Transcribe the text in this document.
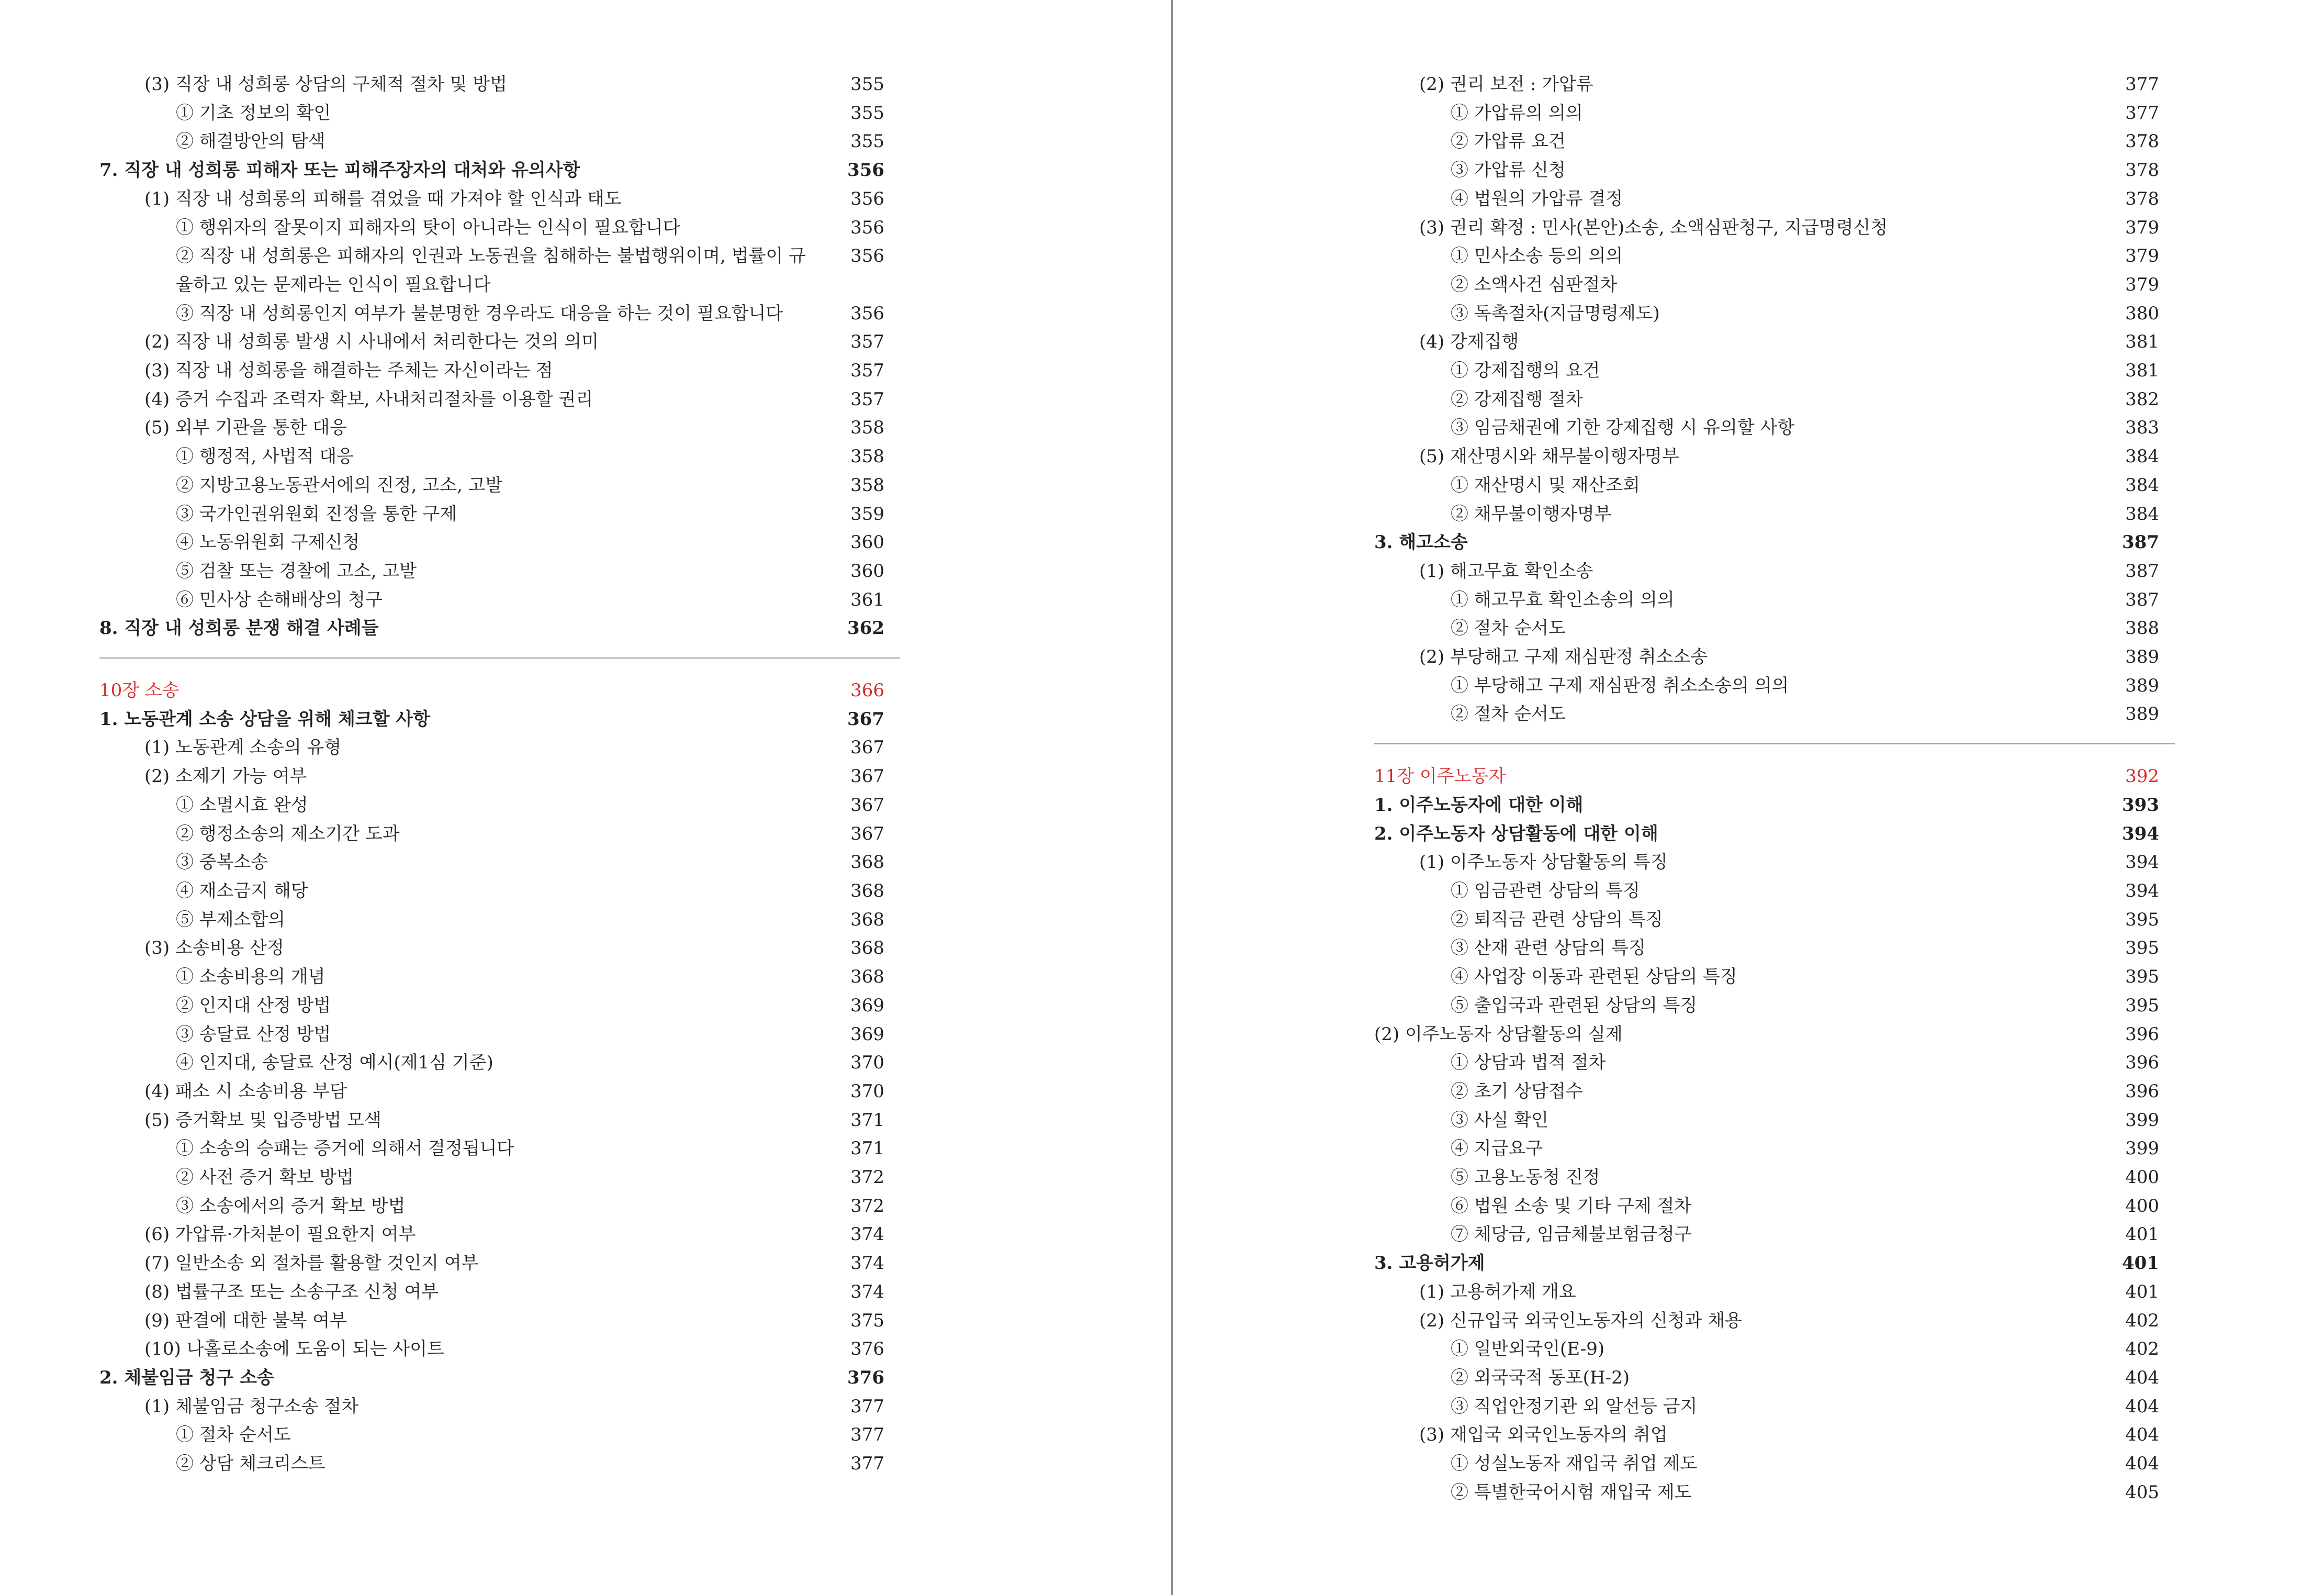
(3) 직장 내 성희롱 상담의 구체적 절차 및 방법	355
① 기초 정보의 확인	355
② 해결방안의 탐색	355
7. 직장 내 성희롱 피해자 또는 피해주장자의 대처와 유의사항	356
(1) 직장 내 성희롱의 피해를 겪었을 때 가져야 할 인식과 태도	356
① 행위자의 잘못이지 피해자의 탓이 아니라는 인식이 필요합니다	356
② 직장 내 성희롱은 피해자의 인권과 노동권을 침해하는 불법행위이며, 법률이 규율하고 있는 문제라는 인식이 필요합니다
356
③ 직장 내 성희롱인지 여부가 불분명한 경우라도 대응을 하는 것이 필요합니다	356
(2) 직장 내 성희롱 발생 시 사내에서 처리한다는 것의 의미	357
(3) 직장 내 성희롱을 해결하는 주체는 자신이라는 점	357
(4) 증거 수집과 조력자 확보, 사내처리절차를 이용할 권리	357
(5) 외부 기관을 통한 대응	358
① 행정적, 사법적 대응	358
② 지방고용노동관서에의 진정, 고소, 고발	358
③ 국가인권위원회 진정을 통한 구제	359
④ 노동위원회 구제신청	360
⑤ 검찰 또는 경찰에 고소, 고발	360
⑥ 민사상 손해배상의 청구	361
8. 직장 내 성희롱 분쟁 해결 사례들	362
10장 소송	366
1. 노동관계 소송 상담을 위해 체크할 사항	367
(1) 노동관계 소송의 유형	367
(2) 소제기 가능 여부	367
① 소멸시효 완성	367
② 행정소송의 제소기간 도과	367
③ 중복소송	368
④ 재소금지 해당	368
⑤ 부제소합의	368
(3) 소송비용 산정	368
① 소송비용의 개념	368
② 인지대 산정 방법	369
③ 송달료 산정 방법	369
④ 인지대, 송달료 산정 예시(제1심 기준)	370
(4) 패소 시 소송비용 부담	370
(5) 증거확보 및 입증방법 모색	371
① 소송의 승패는 증거에 의해서 결정됩니다	371
② 사전 증거 확보 방법	372
③ 소송에서의 증거 확보 방법	372
(6) 가압류·가처분이 필요한지 여부	374
(7) 일반소송 외 절차를 활용할 것인지 여부	374
(8) 법률구조 또는 소송구조 신청 여부	374
(9) 판결에 대한 불복 여부	375
(10) 나홀로소송에 도움이 되는 사이트	376
2. 체불임금 청구 소송	376
(1) 체불임금 청구소송 절차	377
① 절차 순서도	377
② 상담 체크리스트	377
(2) 권리 보전 : 가압류	377
① 가압류의 의의	377
② 가압류 요건	378
③ 가압류 신청	378
④ 법원의 가압류 결정	378
(3) 권리 확정 : 민사(본안)소송, 소액심판청구, 지급명령신청	379
① 민사소송 등의 의의	379
② 소액사건 심판절차	379
③ 독촉절차(지급명령제도)	380
(4) 강제집행	381
① 강제집행의 요건	381
② 강제집행 절차	382
③ 임금채권에 기한 강제집행 시 유의할 사항	383
(5) 재산명시와 채무불이행자명부	384
① 재산명시 및 재산조회	384
② 채무불이행자명부	384
3. 해고소송	387
(1) 해고무효 확인소송	387
① 해고무효 확인소송의 의의	387
② 절차 순서도	388
(2) 부당해고 구제 재심판정 취소소송	389
① 부당해고 구제 재심판정 취소소송의 의의	389
② 절차 순서도	389
11장 이주노동자	392
1. 이주노동자에 대한 이해	393
2. 이주노동자 상담활동에 대한 이해	394
(1) 이주노동자 상담활동의 특징	394
① 임금관련 상담의 특징	394
② 퇴직금 관련 상담의 특징	395
③ 산재 관련 상담의 특징	395
④ 사업장 이동과 관련된 상담의 특징	395
⑤ 출입국과 관련된 상담의 특징	395
(2) 이주노동자 상담활동의 실제	396
① 상담과 법적 절차	396
② 초기 상담접수	396
③ 사실 확인	399
④ 지급요구	399
⑤ 고용노동청 진정	400
⑥ 법원 소송 및 기타 구제 절차	400
⑦ 체당금, 임금체불보험금청구	401
3. 고용허가제	401
(1) 고용허가제 개요	401
(2) 신규입국 외국인노동자의 신청과 채용	402
① 일반외국인(E-9)	402
② 외국국적 동포(H-2)	404
③ 직업안정기관 외 알선등 금지	404
(3) 재입국 외국인노동자의 취업	404
① 성실노동자 재입국 취업 제도	404
② 특별한국어시험 재입국 제도	405
